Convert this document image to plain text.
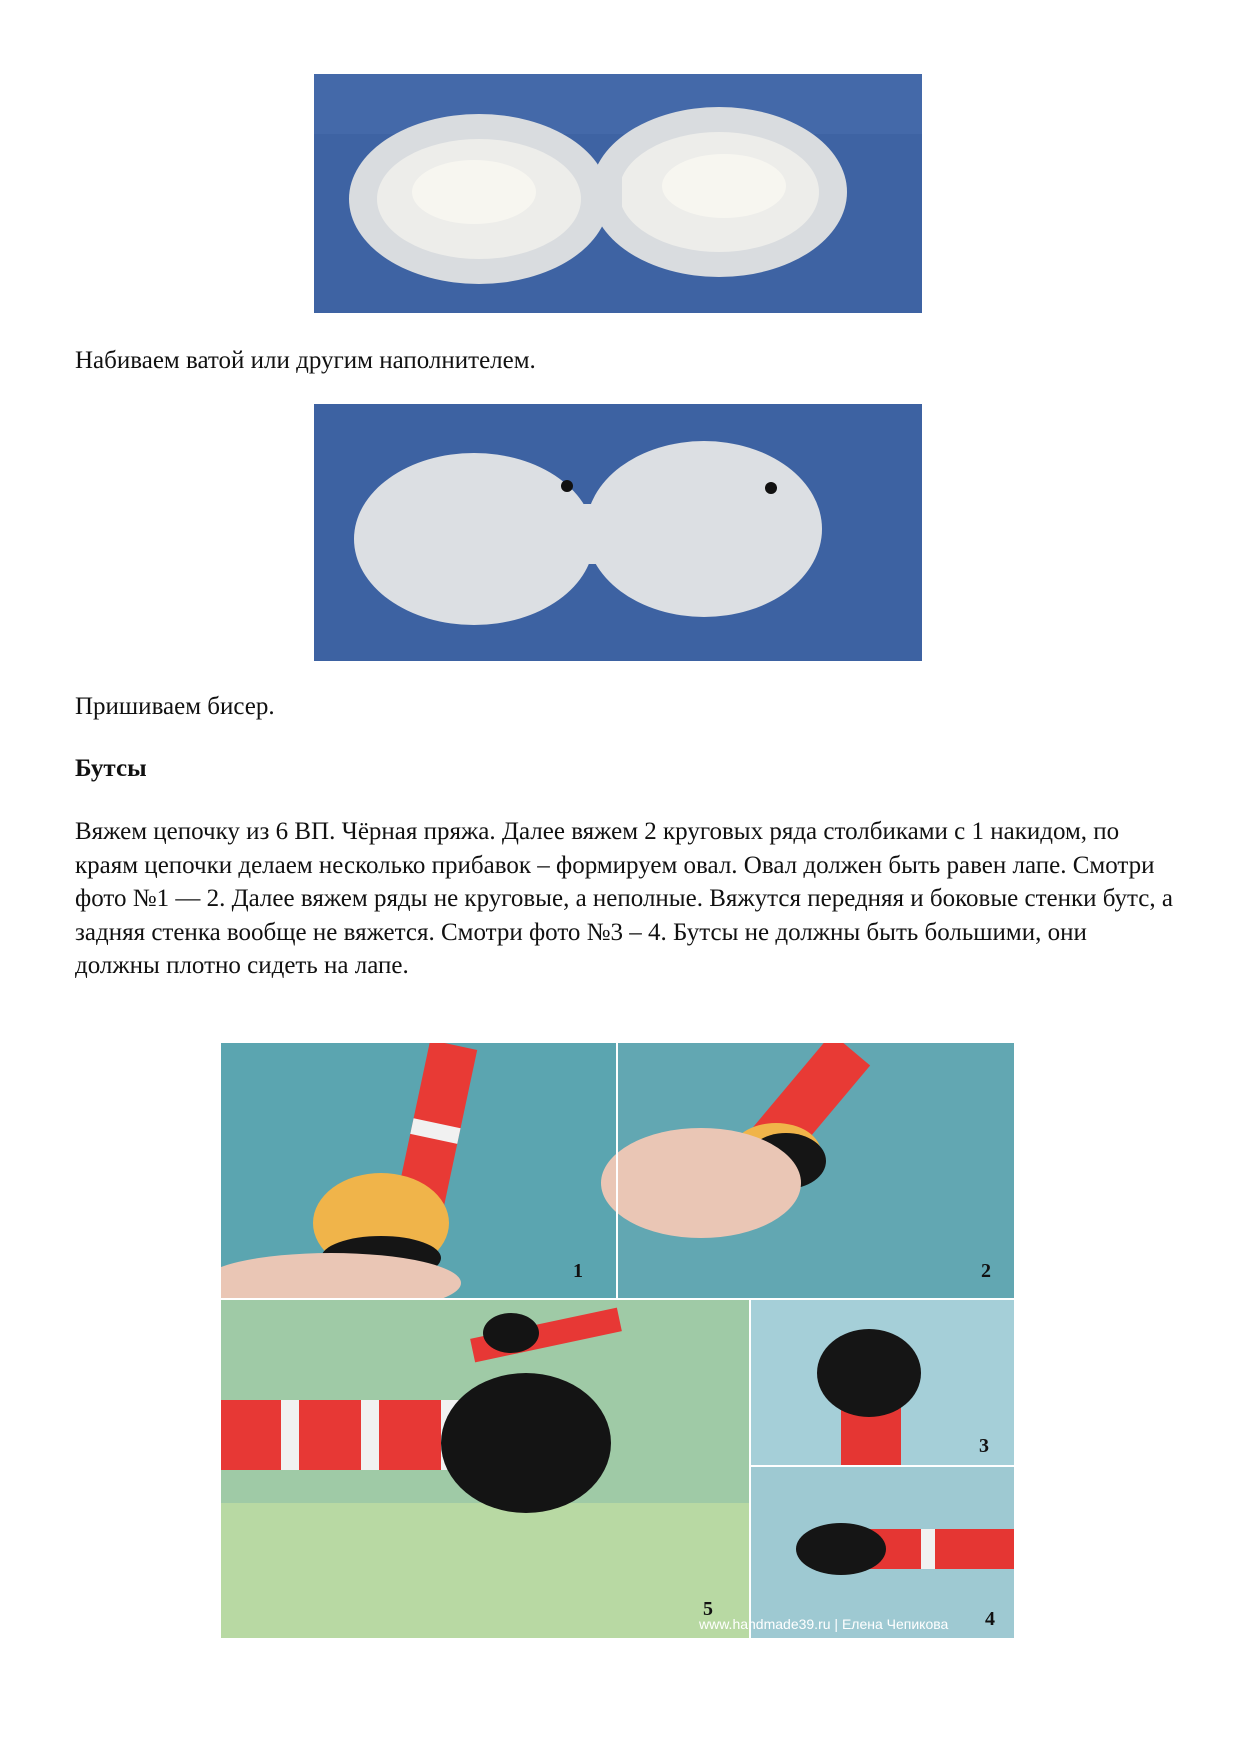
Набиваем ватой или другим наполнителем.

Пришиваем бисер.

Бутсы

Вяжем цепочку из 6 ВП. Чёрная пряжа. Далее вяжем 2 круговых ряда столбиками с 1 накидом, по краям цепочки делаем несколько прибавок – формируем овал. Овал должен быть равен лапе. Смотри фото №1 — 2. Далее вяжем ряды не круговые, а неполные. Вяжутся передняя и боковые стенки бутс, а задняя стенка вообще не вяжется. Смотри фото №3 – 4. Бутсы не должны быть большими, они должны плотно сидеть на лапе.

1	2
3
4
5
www.handmade39.ru | Елена Чепикова
